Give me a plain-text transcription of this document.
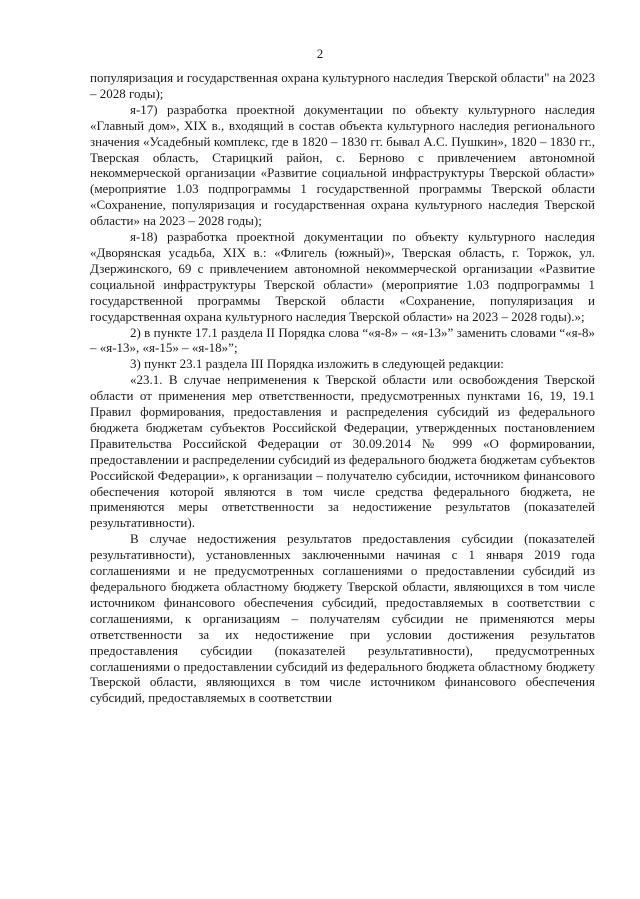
2

популяризация и государственная охрана культурного наследия Тверской области" на 2023 – 2028 годы);

я-17) разработка проектной документации по объекту культурного наследия «Главный дом», XIX в., входящий в состав объекта культурного наследия регионального значения «Усадебный комплекс, где в 1820 – 1830 гг. бывал А.С. Пушкин», 1820 – 1830 гг., Тверская область, Старицкий район, с. Берново с привлечением автономной некоммерческой организации «Развитие социальной инфраструктуры Тверской области» (мероприятие 1.03 подпрограммы 1 государственной программы Тверской области «Сохранение, популяризация и государственная охрана культурного наследия Тверской области» на 2023 – 2028 годы);

я-18) разработка проектной документации по объекту культурного наследия «Дворянская усадьба, XIX в.: «Флигель (южный)», Тверская область, г. Торжок, ул. Дзержинского, 69 с привлечением автономной некоммерческой организации «Развитие социальной инфраструктуры Тверской области» (мероприятие 1.03 подпрограммы 1 государственной программы Тверской области «Сохранение, популяризация и государственная охрана культурного наследия Тверской области» на 2023 – 2028 годы).»;

2) в пункте 17.1 раздела II Порядка слова “«я-8» – «я-13»” заменить словами “«я-8» – «я-13», «я-15» – «я-18»”;

3) пункт 23.1 раздела III Порядка изложить в следующей редакции:

«23.1. В случае неприменения к Тверской области или освобождения Тверской области от применения мер ответственности, предусмотренных пунктами 16, 19, 19.1 Правил формирования, предоставления и распределения субсидий из федерального бюджета бюджетам субъектов Российской Федерации, утвержденных постановлением Правительства Российской Федерации от 30.09.2014 № 999 «О формировании, предоставлении и распределении субсидий из федерального бюджета бюджетам субъектов Российской Федерации», к организации – получателю субсидии, источником финансового обеспечения которой являются в том числе средства федерального бюджета, не применяются меры ответственности за недостижение результатов (показателей результативности).

В случае недостижения результатов предоставления субсидии (показателей результативности), установленных заключенными начиная с 1 января 2019 года соглашениями и не предусмотренных соглашениями о предоставлении субсидий из федерального бюджета областному бюджету Тверской области, являющихся в том числе источником финансового обеспечения субсидий, предоставляемых в соответствии с соглашениями, к организациям – получателям субсидии не применяются меры ответственности за их недостижение при условии достижения результатов предоставления субсидии (показателей результативности), предусмотренных соглашениями о предоставлении субсидий из федерального бюджета областному бюджету Тверской области, являющихся в том числе источником финансового обеспечения субсидий, предоставляемых в соответствии
